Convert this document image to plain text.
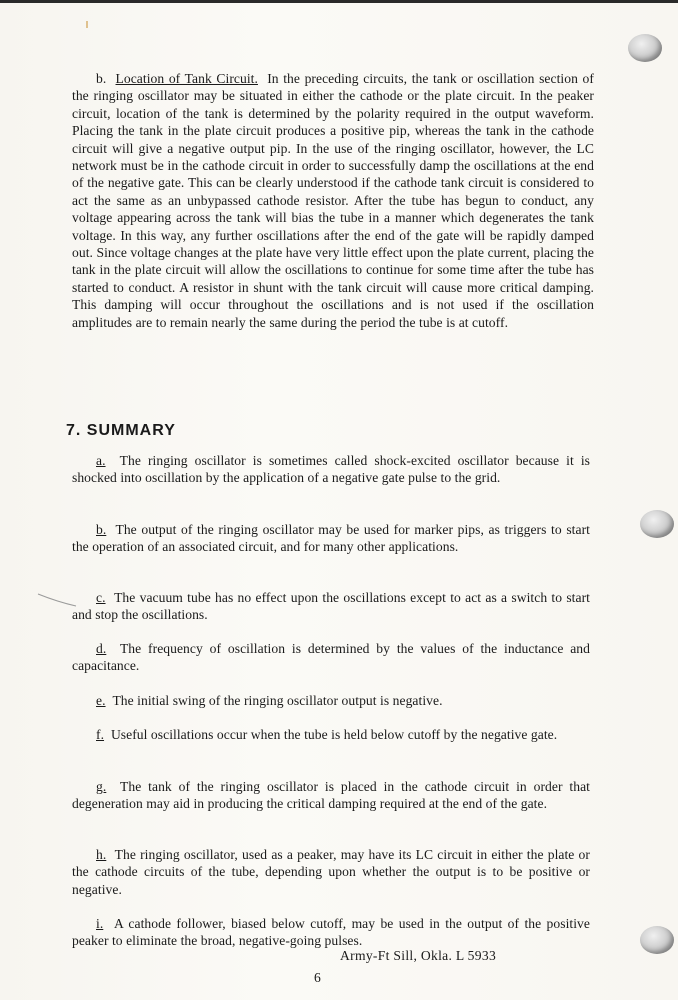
b. Location of Tank Circuit. In the preceding circuits, the tank or oscillation section of the ringing oscillator may be situated in either the cathode or the plate circuit. In the peaker circuit, location of the tank is determined by the polarity required in the output waveform. Placing the tank in the plate circuit produces a positive pip, whereas the tank in the cathode circuit will give a negative output pip. In the use of the ringing oscillator, however, the LC network must be in the cathode circuit in order to successfully damp the oscillations at the end of the negative gate. This can be clearly understood if the cathode tank circuit is considered to act the same as an unbypassed cathode resistor. After the tube has begun to conduct, any voltage appearing across the tank will bias the tube in a manner which degenerates the tank voltage. In this way, any further oscillations after the end of the gate will be rapidly damped out. Since voltage changes at the plate have very little effect upon the plate current, placing the tank in the plate circuit will allow the oscillations to continue for some time after the tube has started to conduct. A resistor in shunt with the tank circuit will cause more critical damping. This damping will occur throughout the oscillations and is not used if the oscillation amplitudes are to remain nearly the same during the period the tube is at cutoff.

7. SUMMARY

a. The ringing oscillator is sometimes called shock-excited oscillator because it is shocked into oscillation by the application of a negative gate pulse to the grid.

b. The output of the ringing oscillator may be used for marker pips, as triggers to start the operation of an associated circuit, and for many other applications.

c. The vacuum tube has no effect upon the oscillations except to act as a switch to start and stop the oscillations.

d. The frequency of oscillation is determined by the values of the inductance and capacitance.

e. The initial swing of the ringing oscillator output is negative.

f. Useful oscillations occur when the tube is held below cutoff by the negative gate.

g. The tank of the ringing oscillator is placed in the cathode circuit in order that degeneration may aid in producing the critical damping required at the end of the gate.

h. The ringing oscillator, used as a peaker, may have its LC circuit in either the plate or the cathode circuits of the tube, depending upon whether the output is to be positive or negative.

i. A cathode follower, biased below cutoff, may be used in the output of the positive peaker to eliminate the broad, negative-going pulses.

Army-Ft Sill, Okla. L 5933
6
